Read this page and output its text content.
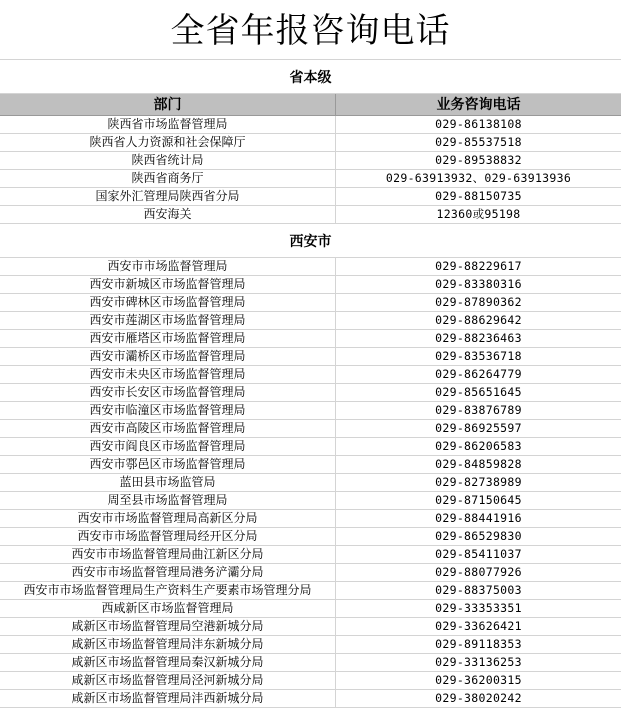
全省年报咨询电话
省本级
部门	业务咨询电话
陕西省市场监督管理局	029-86138108
陕西省人力资源和社会保障厅	029-85537518
陕西省统计局	029-89538832
陕西省商务厅	029-63913932、029-63913936
国家外汇管理局陕西省分局	029-88150735
西安海关	12360或95198
西安市
西安市市场监督管理局	029-88229617
西安市新城区市场监督管理局	029-83380316
西安市碑林区市场监督管理局	029-87890362
西安市莲湖区市场监督管理局	029-88629642
西安市雁塔区市场监督管理局	029-88236463
西安市灞桥区市场监督管理局	029-83536718
西安市未央区市场监督管理局	029-86264779
西安市长安区市场监督管理局	029-85651645
西安市临潼区市场监督管理局	029-83876789
西安市高陵区市场监督管理局	029-86925597
西安市阎良区市场监督管理局	029-86206583
西安市鄠邑区市场监督管理局	029-84859828
蓝田县市场监管局	029-82738989
周至县市场监督管理局	029-87150645
西安市市场监督管理局高新区分局	029-88441916
西安市市场监督管理局经开区分局	029-86529830
西安市市场监督管理局曲江新区分局	029-85411037
西安市市场监督管理局港务浐灞分局	029-88077926
西安市市场监督管理局生产资料生产要素市场管理分局	029-88375003
西咸新区市场监督管理局	029-33353351
咸新区市场监督管理局空港新城分局	029-33626421
咸新区市场监督管理局沣东新城分局	029-89118353
咸新区市场监督管理局秦汉新城分局	029-33136253
咸新区市场监督管理局泾河新城分局	029-36200315
咸新区市场监督管理局沣西新城分局	029-38020242
